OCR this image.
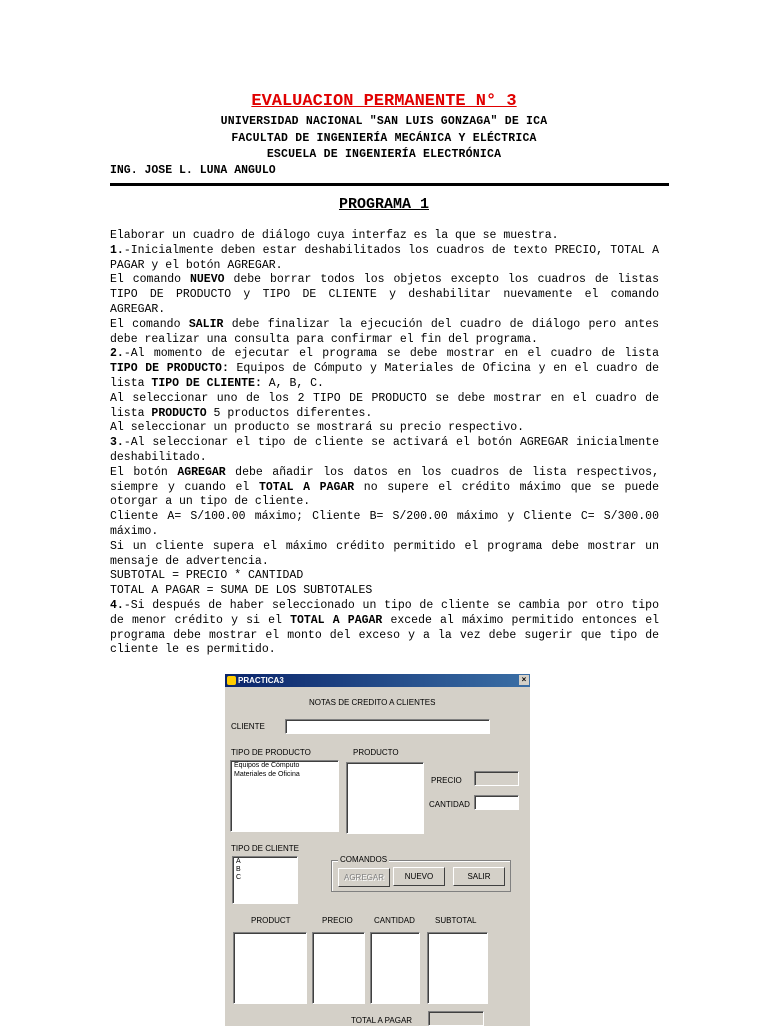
EVALUACION PERMANENTE N° 3
UNIVERSIDAD NACIONAL "SAN LUIS GONZAGA" DE ICA
FACULTAD DE INGENIERÍA MECÁNICA Y ELÉCTRICA
ESCUELA DE INGENIERÍA ELECTRÓNICA
ING. JOSE L. LUNA ANGULO
PROGRAMA 1

Elaborar un cuadro de diálogo cuya interfaz es la que se muestra.

1.-Inicialmente deben estar deshabilitados los cuadros de texto PRECIO, TOTAL A PAGAR y el botón AGREGAR.

El comando NUEVO debe borrar todos los objetos excepto los cuadros de listas TIPO DE PRODUCTO y TIPO DE CLIENTE y deshabilitar nuevamente el comando AGREGAR.

El comando SALIR debe finalizar la ejecución del cuadro de diálogo pero antes debe realizar una consulta para confirmar el fin del programa.

2.-Al momento de ejecutar el programa se debe mostrar en el cuadro de lista TIPO DE PRODUCTO: Equipos de Cómputo y Materiales de Oficina y en el cuadro de lista TIPO DE CLIENTE: A, B, C.

Al seleccionar uno de los 2 TIPO DE PRODUCTO se debe mostrar en el cuadro de lista PRODUCTO 5 productos diferentes.

Al seleccionar un producto se mostrará su precio respectivo.

3.-Al seleccionar el tipo de cliente se activará el botón AGREGAR inicialmente deshabilitado.

El botón AGREGAR debe añadir los datos en los cuadros de lista respectivos, siempre y cuando el TOTAL A PAGAR no supere el crédito máximo que se puede otorgar a un tipo de cliente.

Cliente A= S/100.00 máximo; Cliente B= S/200.00 máximo y Cliente C= S/300.00 máximo.

Si un cliente supera el máximo crédito permitido el programa debe mostrar un mensaje de advertencia.

SUBTOTAL = PRECIO * CANTIDAD

TOTAL A PAGAR = SUMA DE LOS SUBTOTALES

4.-Si después de haber seleccionado un tipo de cliente se cambia por otro tipo de menor crédito y si el TOTAL A PAGAR excede al máximo permitido entonces el programa debe mostrar el monto del exceso y a la vez debe sugerir que tipo de cliente le es permitido.

PRACTICA3	×
NOTAS DE CREDITO A CLIENTES
CLIENTE
TIPO DE PRODUCTO
Equipos de Cómputo
Materiales de Oficina
PRODUCTO
PRECIO
CANTIDAD
TIPO DE CLIENTE
A
B
C
COMANDOS
AGREGAR	NUEVO	SALIR
PRODUCT	PRECIO	CANTIDAD	SUBTOTAL
TOTAL A PAGAR
